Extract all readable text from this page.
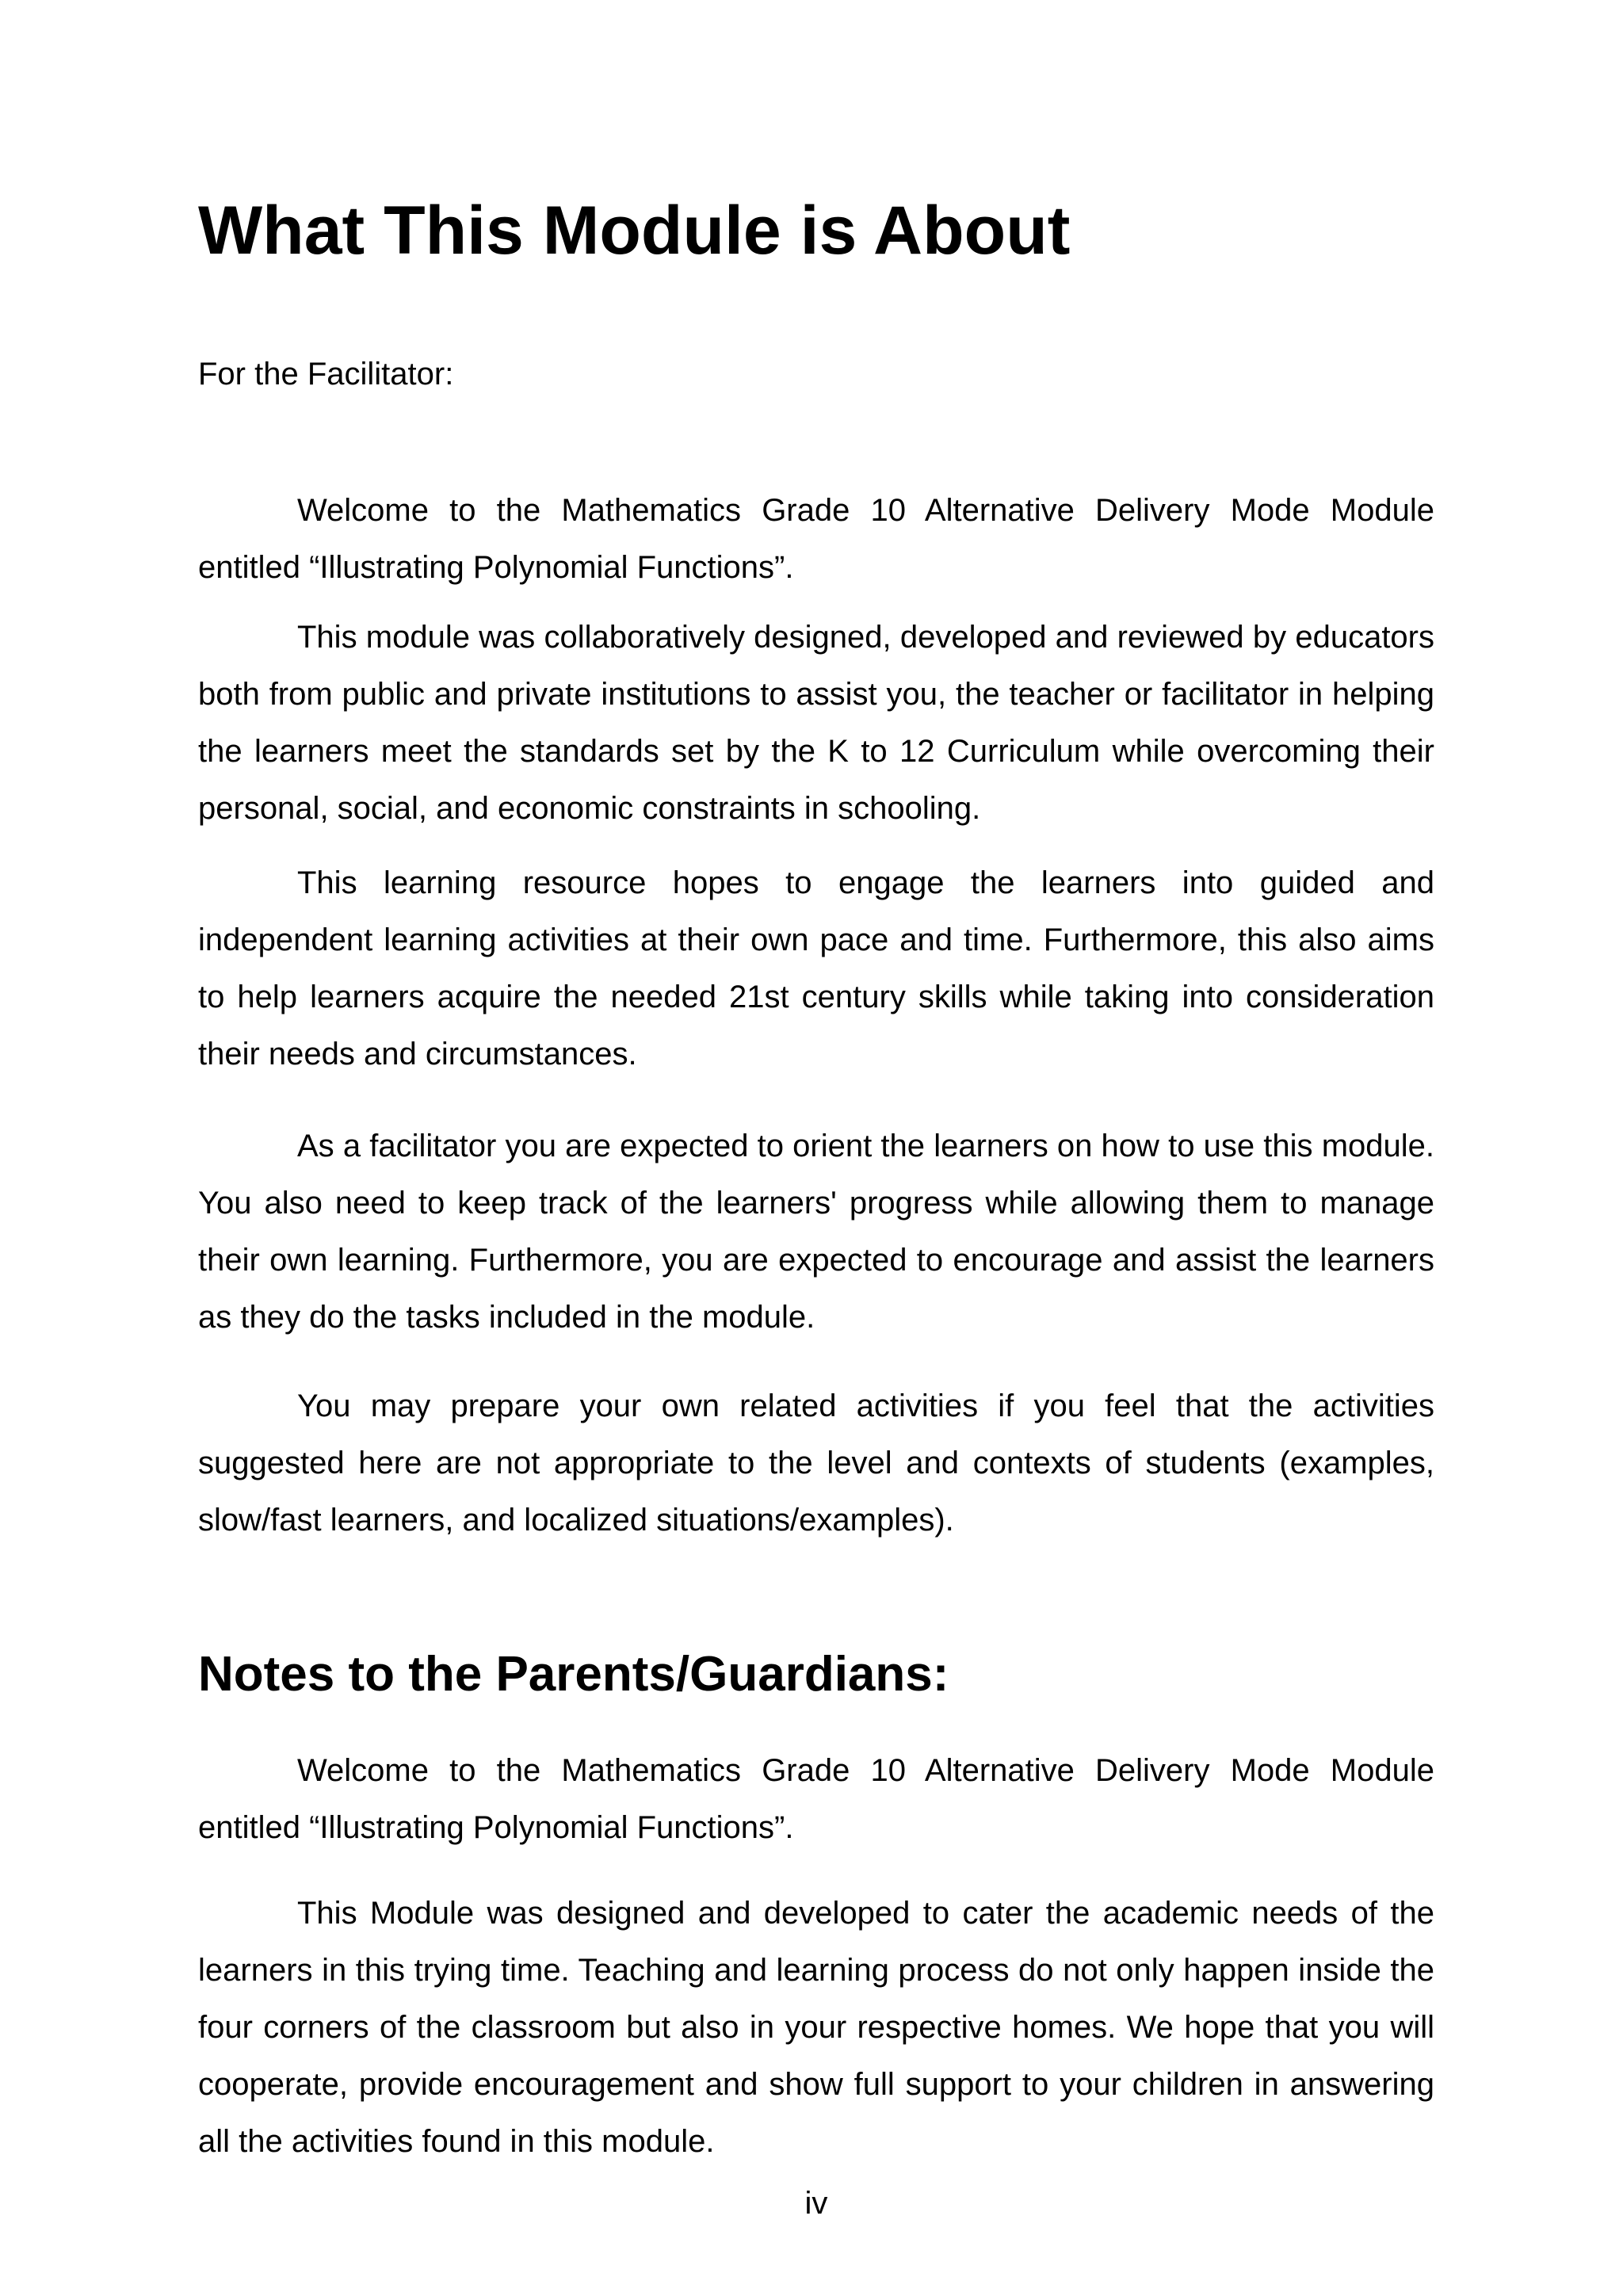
What This Module is About

For the Facilitator:

Welcome to the Mathematics Grade 10 Alternative Delivery Mode Module entitled “Illustrating Polynomial Functions”.

This module was collaboratively designed, developed and reviewed by educators both from public and private institutions to assist you, the teacher or facilitator in helping the learners meet the standards set by the K to 12 Curriculum while overcoming their personal, social, and economic constraints in schooling.

This learning resource hopes to engage the learners into guided and independent learning activities at their own pace and time. Furthermore, this also aims to help learners acquire the needed 21st century skills while taking into consideration their needs and circumstances.

As a facilitator you are expected to orient the learners on how to use this module. You also need to keep track of the learners' progress while allowing them to manage their own learning. Furthermore, you are expected to encourage and assist the learners as they do the tasks included in the module.

You may prepare your own related activities if you feel that the activities suggested here are not appropriate to the level and contexts of students (examples, slow/fast learners, and localized situations/examples).

Notes to the Parents/Guardians:

Welcome to the Mathematics Grade 10 Alternative Delivery Mode Module entitled “Illustrating Polynomial Functions”.

This Module was designed and developed to cater the academic needs of the learners in this trying time. Teaching and learning process do not only happen inside the four corners of the classroom but also in your respective homes. We hope that you will cooperate, provide encouragement and show full support to your children in answering all the activities found in this module.

iv
